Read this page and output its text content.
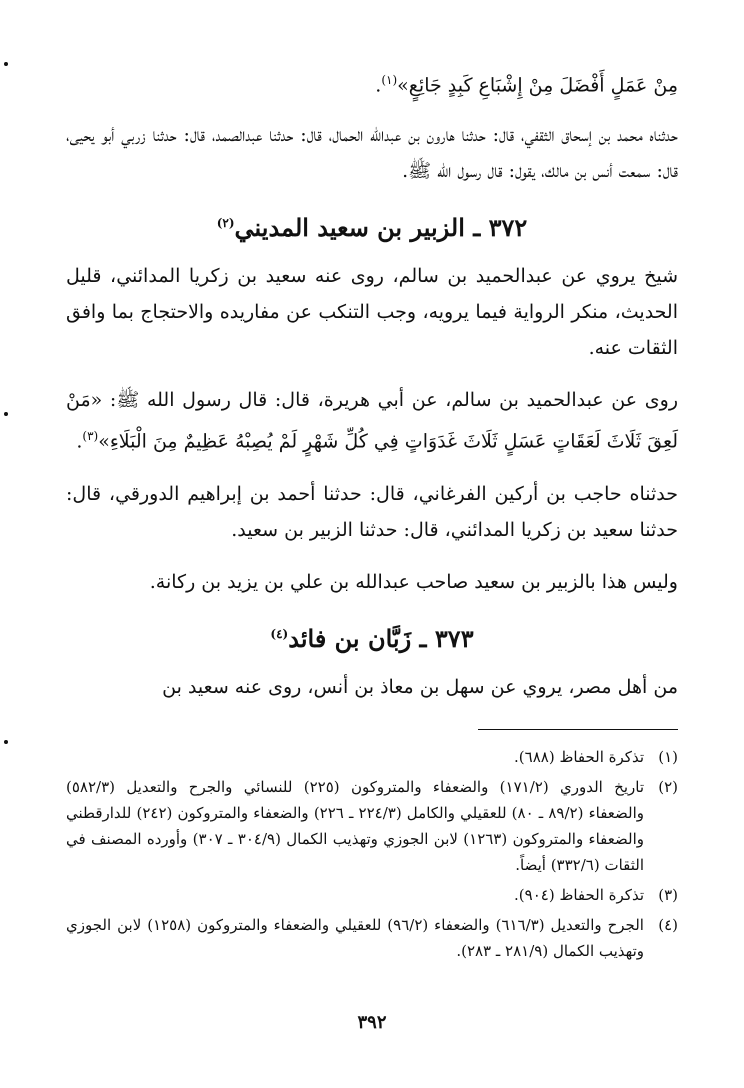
مِنْ عَمَلٍ أَفْضَلَ مِنْ إِشْبَاعِ كَبِدٍ جَائِعٍ»$^{(١)}$.

حدثناه محمد بن إسحاق الثقفي، قال: حدثنا هارون بن عبدالله الحمال، قال: حدثنا عبدالصمد، قال: حدثنا زربي أبو يحيى، قال: سمعت أنس بن مالك، يقول: قال رسول الله ﷺ.

٣٧٢ ـ الزبير بن سعيد المديني$^{(٢)}$

شيخ يروي عن عبدالحميد بن سالم، روى عنه سعيد بن زكريا المدائني، قليل الحديث، منكر الرواية فيما يرويه، وجب التنكب عن مفاريده والاحتجاج بما وافق الثقات عنه.

روى عن عبدالحميد بن سالم، عن أبي هريرة، قال: قال رسول الله ﷺ: «مَنْ لَعِقَ ثَلَاثَ لَعَقَاتٍ عَسَلٍ ثَلَاثَ غَدَوَاتٍ فِي كُلِّ شَهْرٍ لَمْ يُصِبْهُ عَظِيمٌ مِنَ الْبَلَاءِ»$^{(٣)}$.

حدثناه حاجب بن أركين الفرغاني، قال: حدثنا أحمد بن إبراهيم الدورقي، قال: حدثنا سعيد بن زكريا المدائني، قال: حدثنا الزبير بن سعيد.

وليس هذا بالزبير بن سعيد صاحب عبدالله بن علي بن يزيد بن ركانة.

٣٧٣ ـ زَبَّان بن فائد$^{(٤)}$

من أهل مصر، يروي عن سهل بن معاذ بن أنس، روى عنه سعيد بن

(١)
تذكرة الحفاظ (٦٨٨).
(٢)
تاريخ الدوري (١٧١/٢) والضعفاء والمتروكون (٢٢٥) للنسائي والجرح والتعديل (٥٨٢/٣) والضعفاء (٨٩/٢ ـ ٨٠) للعقيلي والكامل (٢٢٤/٣ ـ ٢٢٦) والضعفاء والمتروكون (٢٤٢) للدارقطني والضعفاء والمتروكون (١٢٦٣) لابن الجوزي وتهذيب الكمال (٣٠٤/٩ ـ ٣٠٧) وأورده المصنف في الثقات (٣٣٢/٦) أيضاً.
(٣)
تذكرة الحفاظ (٩٠٤).
(٤)
الجرح والتعديل (٦١٦/٣) والضعفاء (٩٦/٢) للعقيلي والضعفاء والمتروكون (١٢٥٨) لابن الجوزي وتهذيب الكمال (٢٨١/٩ ـ ٢٨٣).
٣٩٢
